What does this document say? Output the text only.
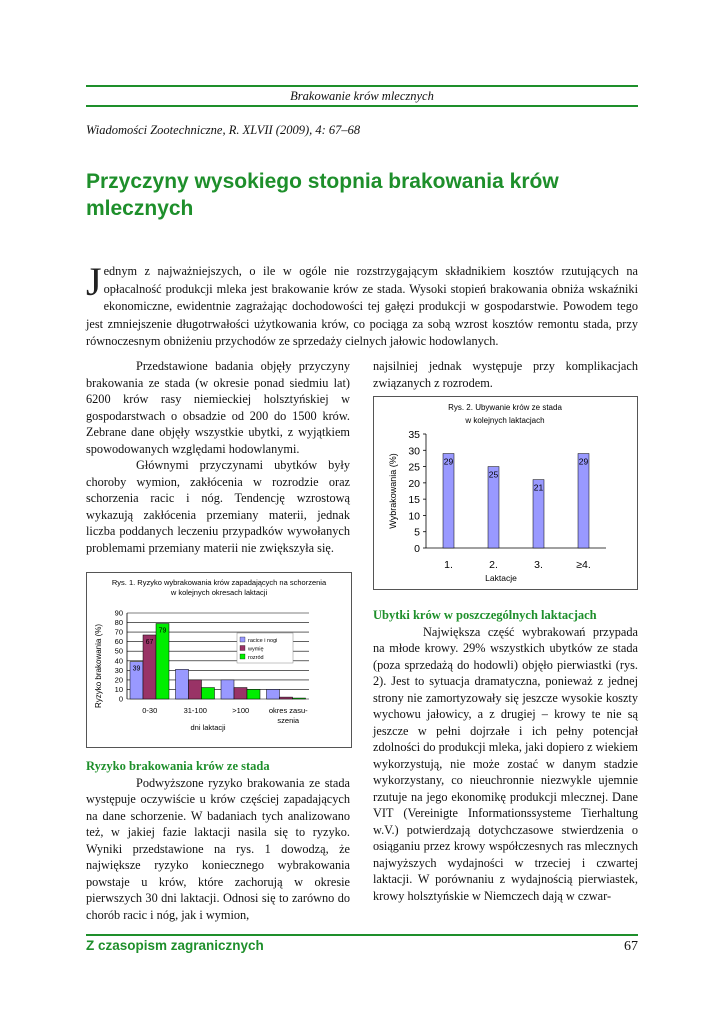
Brakowanie krów mlecznych
Wiadomości Zootechniczne, R. XLVII (2009), 4: 67–68
Przyczyny wysokiego stopnia brakowania krów mlecznych
Jednym z najważniejszych, o ile w ogóle nie rozstrzygającym składnikiem kosztów rzutujących na opłacalność produkcji mleka jest brakowanie krów ze stada. Wysoki stopień brakowania obniża wskaźniki ekonomiczne, ewidentnie zagrażając dochodowości tej gałęzi produkcji w gospodarstwie. Powodem tego jest zmniejszenie długotrwałości użytkowania krów, co pociąga za sobą wzrost kosztów remontu stada, przy równoczesnym obniżeniu przychodów ze sprzedaży cielnych jałowic hodowlanych.

Przedstawione badania objęły przyczyny brakowania ze stada (w okresie ponad siedmiu lat) 6200 krów rasy niemieckiej holsztyńskiej w gospodarstwach o obsadzie od 200 do 1500 krów. Zebrane dane objęły wszystkie ubytki, z wyjątkiem spowodowanych względami hodowlanymi.

Głównymi przyczynami ubytków były choroby wymion, zakłócenia w rozrodzie oraz schorzenia racic i nóg. Tendencję wzrostową wykazują zakłócenia przemiany materii, jednak liczba poddanych leczeniu przypadków wywołanych problemami przemiany materii nie zwiększyła się.

Rys. 1. Ryzyko wybrakowania krów zapadających na schorzenia
w kolejnych okresach laktacji
Ryzyko brakowania (%)
dni laktacji
0
10
20
30
40
50
60
70
80
90
39
67
79
0-30	31-100	>100	okres zasu-
szenia
racice i nogi
wymię
rozród

Ryzyko brakowania krów ze stada

Podwyższone ryzyko brakowania ze stada występuje oczywiście u krów częściej zapadających na dane schorzenie. W badaniach tych analizowano też, w jakiej fazie laktacji nasila się to ryzyko. Wyniki przedstawione na rys. 1 dowodzą, że największe ryzyko koniecznego wybrakowania powstaje u krów, które zachorują w okresie pierwszych 30 dni laktacji. Odnosi się to zarówno do chorób racic i nóg, jak i wymion,

najsilniej jednak występuje przy komplikacjach związanych z rozrodem.

Rys. 2. Ubywanie krów ze stada
w kolejnych laktacjach
Wybrakowania (%)
Laktacje
0
5
10
15
20
25
30
35
29
1.
25
2.
21
3.
29
≥4.

Ubytki krów w poszczególnych laktacjach

Największa część wybrakowań przypada na młode krowy. 29% wszystkich ubytków ze stada (poza sprzedażą do hodowli) objęło pierwiastki (rys. 2). Jest to sytuacja dramatyczna, ponieważ z jednej strony nie zamortyzowały się jeszcze wysokie koszty wychowu jałowicy, a z drugiej – krowy te nie są jeszcze w pełni dojrzałe i ich pełny potencjał zdolności do produkcji mleka, jaki dopiero z wiekiem wykorzystują, nie może zostać w danym stadzie wykorzystany, co nieuchronnie niezwykle ujemnie rzutuje na jego ekonomikę produkcji mlecznej. Dane VIT (Vereinigte Informationssysteme Tierhaltung w.V.) potwierdzają dotychczasowe stwierdzenia o osiąganiu przez krowy współczesnych ras mlecznych najwyższych wydajności w trzeciej i czwartej laktacji. W porównaniu z wydajnością pierwiastek, krowy holsztyńskie w Niemczech dają w czwar-

Z czasopism zagranicznych	67
